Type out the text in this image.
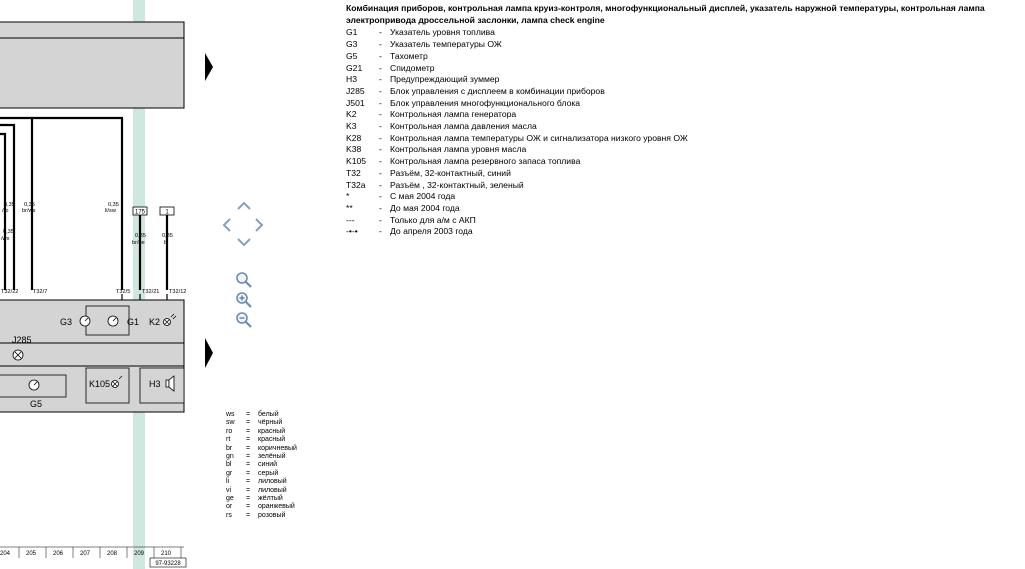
0,35
/ro
0,35
br/ws
0,35
/ws
0,35
li/sw
0,35
br/ge
0,35
bl
175	1
T32/22	T32/7	T32/5 T32/21 T32/12
G3	G1 K2
J285
G5
K105	H3
204	205	206	207	208	209	210
97-93228
Комбинация приборов, контрольная лампа круиз-контроля, многофункциональный дисплей, указатель наружной температуры, контрольная лампа электропривода дроссельной заслонки, лампа check engine
G1	- Указатель уровня топлива
G3	- Указатель температуры ОЖ
G5	- Тахометр
G21	- Спидометр
H3	- Предупреждающий зуммер
J285	- Блок управления с дисплеем в комбинации приборов
J501	- Блок управления многофункционального блока
K2	- Контрольная лампа генератора
K3	- Контрольная лампа давления масла
K28	- Контрольная лампа температуры ОЖ и сигнализатора низкого уровня ОЖ
K38	- Контрольная лампа уровня масла
K105	- Контрольная лампа резервного запаса топлива
T32	- Разъём, 32-контактный, синий
T32a	- Разъём , 32-контактный, зеленый
*	- С мая 2004 года
**	- До мая 2004 года
---	- Только для а/м с АКП
-•-•	- До апреля 2003 года
ws	=	белый
sw	=	чёрный
ro	=	красный
rt	=	красный
br	=	коричневый
gn	=	зелёный
bl	=	синий
gr	=	серый
li	=	лиловый
vi	=	лиловый
ge	=	жёлтый
or	=	оранжевый
rs	=	розовый
